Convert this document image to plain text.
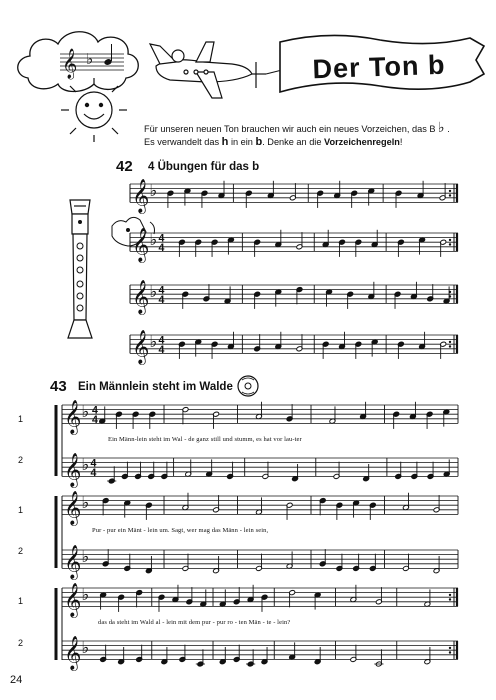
𝄞 ♭	Der Ton b
Für unseren neuen Ton brauchen wir auch ein neues Vorzeichen, das B ♭ .
Es verwandelt das h in ein b. Denke an die Vorzeichenregeln!
42 4 Übungen für das b
𝄞 ♭
𝄞 ♭ 4
4
𝄞 ♭ 4
4
𝄞 ♭ 4
4
𝄞 ♭
𝄞 ♭ 4
4
𝄞 ♭
𝄞 ♭
𝄞 ♭
𝄞 ♭
4
4
43 Ein Männlein steht im Walde
1
2
1
2
1
2
Ein Männ-lein steht im Wal - de ganz still und stumm, es hat vor lau-ter
Pur - pur ein Mänt - lein um. Sagt, wer mag das Männ - lein sein,
das da steht im Wald al - lein mit dem pur - pur ro - ten Män - te - lein?
24
